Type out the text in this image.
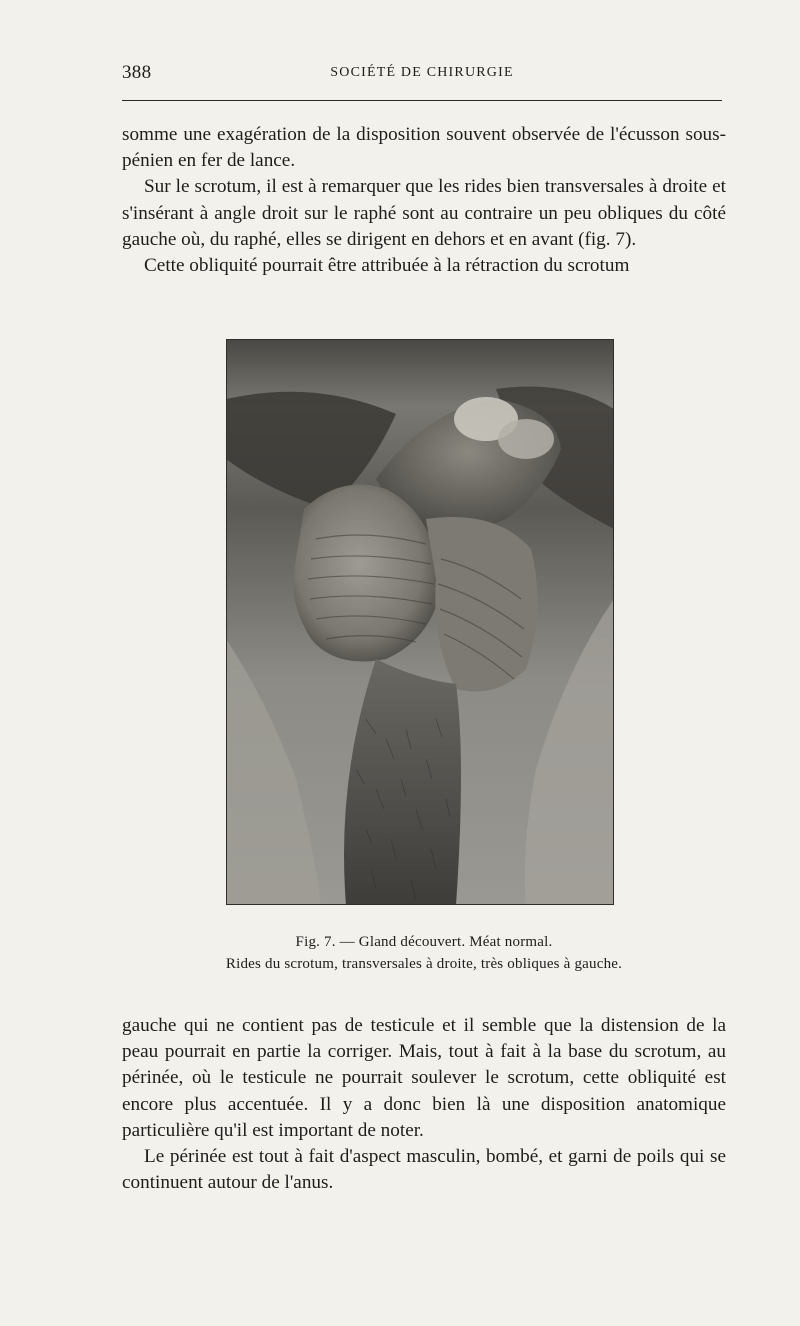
388	SOCIÉTÉ DE CHIRURGIE

somme une exagération de la disposition souvent observée de l'écusson sous-pénien en fer de lance.

Sur le scrotum, il est à remarquer que les rides bien transversales à droite et s'insérant à angle droit sur le raphé sont au contraire un peu obliques du côté gauche où, du raphé, elles se dirigent en dehors et en avant (fig. 7).

Cette obliquité pourrait être attribuée à la rétraction du scrotum

Fig. 7. — Gland découvert. Méat normal.
Rides du scrotum, transversales à droite, très obliques à gauche.

gauche qui ne contient pas de testicule et il semble que la distension de la peau pourrait en partie la corriger. Mais, tout à fait à la base du scrotum, au périnée, où le testicule ne pourrait soulever le scrotum, cette obliquité est encore plus accentuée. Il y a donc bien là une disposition anatomique particulière qu'il est important de noter.

Le périnée est tout à fait d'aspect masculin, bombé, et garni de poils qui se continuent autour de l'anus.
